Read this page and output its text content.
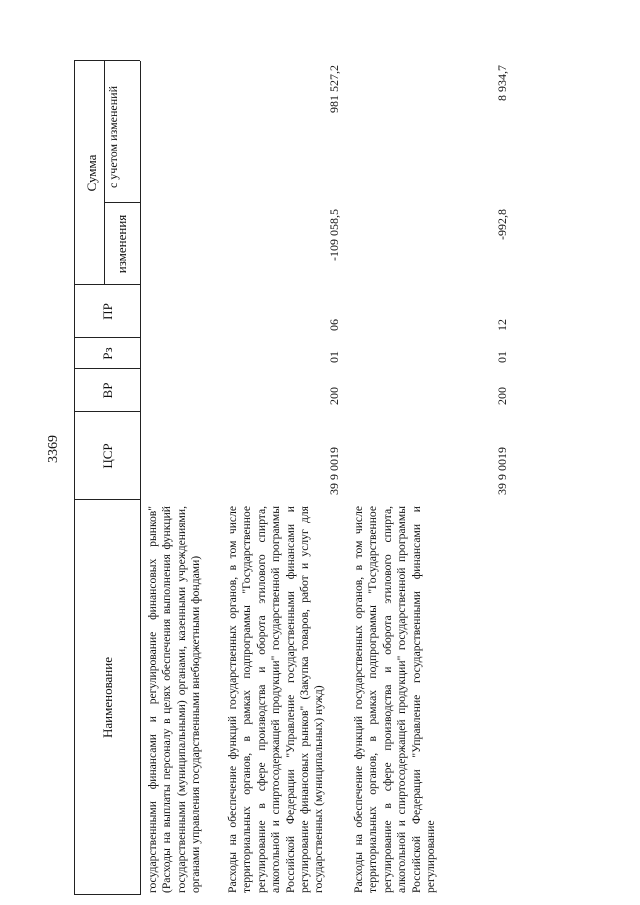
3369
Наименование
ЦСР
ВР
Рз
ПР
Сумма
изменения
с учетом изменений
государственными финансами и регулирование финансовых рынков" (Расходы на выплаты персоналу в целях обеспечения выполнения функций государственными (муниципальными) органами, казенными учреждениями, органами управления государственными внебюджетными фондами) Расходы на обеспечение функций государственных органов, в том числе территориальных органов, в рамках подпрограммы "Государственное регулирование в сфере производства и оборота этилового спирта, алкогольной и спиртосодержащей продукции" государственной программы Российской Федерации "Управление государственными финансами и регулирование финансовых рынков" (Закупка товаров, работ и услуг для государственных (муниципальных) нужд)
39 9 0019
200
01
06
-109 058,5
981 527,2
Расходы на обеспечение функций государственных органов, в том числе территориальных органов, в рамках подпрограммы "Государственное регулирование в сфере производства и оборота этилового спирта, алкогольной и спиртосодержащей продукции" государственной программы Российской Федерации "Управление государственными финансами и регулирование
39 9 0019
200
01
12
-992,8
8 934,7
